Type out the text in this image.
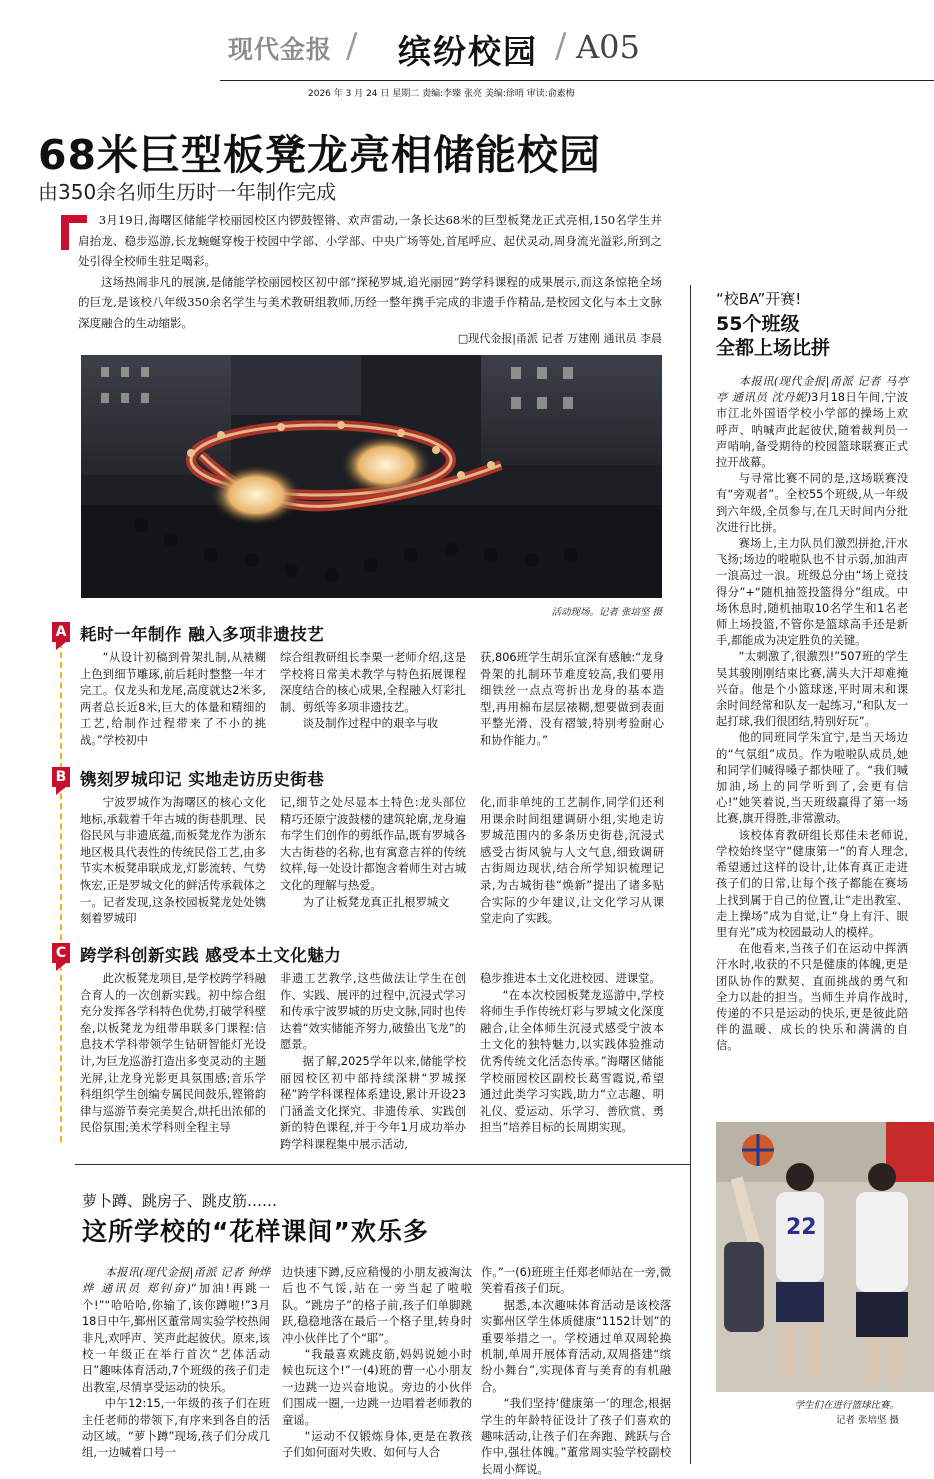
现代金报 / 缤纷校园 / A05
2026 年 3 月 24 日 星期二 责编:李臻 张亮 美编:徐哨 审读:俞素梅
68米巨型板凳龙亮相储能校园
由350余名师生历时一年制作完成

3月19日,海曙区储能学校丽园校区内锣鼓铿锵、欢声雷动,一条长达68米的巨型板凳龙正式亮相,150名学生并肩抬龙、稳步巡游,长龙蜿蜒穿梭于校园中学部、小学部、中央广场等处,首尾呼应、起伏灵动,周身流光溢彩,所到之处引得全校师生驻足喝彩。

这场热闹非凡的展演,是储能学校丽园校区初中部“探秘罗城,追光丽园”跨学科课程的成果展示,而这条惊艳全场的巨龙,是该校八年级350余名学生与美术教研组教师,历经一整年携手完成的非遗手作精品,是校园文化与本土文脉深度融合的生动缩影。

□现代金报|甬派 记者 万建刚 通讯员 李晨
活动现场。记者 张培坚 摄
A 耗时一年制作 融入多项非遗技艺

“从设计初稿到骨架扎制,从裱糊上色到细节雕琢,前后耗时整整一年才完工。仅龙头和龙尾,高度就达2米多,两者总长近8米,巨大的体量和精细的工艺,给制作过程带来了不小的挑战。”学校初中

综合组教研组长李栗一老师介绍,这是学校将日常美术教学与特色拓展课程深度结合的核心成果,全程融入灯彩扎制、剪纸等多项非遗技艺。

谈及制作过程中的艰辛与收

获,806班学生胡乐宜深有感触:“龙身骨架的扎制环节难度较高,我们要用细铁丝一点点弯折出龙身的基本造型,再用棉布层层裱糊,想要做到表面平整光滑、没有褶皱,特别考验耐心和协作能力。”

B 镌刻罗城印记 实地走访历史街巷

宁波罗城作为海曙区的核心文化地标,承载着千年古城的街巷肌理、民俗民风与非遗底蕴,而板凳龙作为浙东地区极具代表性的传统民俗工艺,由多节实木板凳串联成龙,灯影流转、气势恢宏,正是罗城文化的鲜活传承载体之一。记者发现,这条校园板凳龙处处镌刻着罗城印

记,细节之处尽显本土特色:龙头部位精巧还原宁波鼓楼的建筑轮廓,龙身遍布学生们创作的剪纸作品,既有罗城各大古街巷的名称,也有寓意吉祥的传统纹样,每一处设计都饱含着师生对古城文化的理解与热爱。

为了让板凳龙真正扎根罗城文

化,而非单纯的工艺制作,同学们还利用课余时间组建调研小组,实地走访罗城范围内的多条历史街巷,沉浸式感受古街风貌与人文气息,细致调研古街周边现状,结合所学知识梳理记录,为古城街巷“焕新”提出了诸多贴合实际的少年建议,让文化学习从课堂走向了实践。

C 跨学科创新实践 感受本土文化魅力

此次板凳龙项目,是学校跨学科融合育人的一次创新实践。初中综合组充分发挥各学科特色优势,打破学科壁垒,以板凳龙为纽带串联多门课程:信息技术学科带领学生钻研智能灯光设计,为巨龙巡游打造出多变灵动的主题光屏,让龙身光影更具氛围感;音乐学科组织学生创编专属民间鼓乐,铿锵韵律与巡游节奏完美契合,烘托出浓郁的民俗氛围;美术学科则全程主导

非遗工艺教学,这些做法让学生在创作、实践、展评的过程中,沉浸式学习和传承宁波罗城的历史文脉,同时也传达着“效实储能齐努力,破蛰出飞龙”的愿景。

据了解,2025学年以来,储能学校丽园校区初中部持续深耕“罗城探秘”跨学科课程体系建设,累计开设23门涵盖文化探究、非遗传承、实践创新的特色课程,并于今年1月成功举办跨学科课程集中展示活动,

稳步推进本土文化进校园、进课堂。

“在本次校园板凳龙巡游中,学校将师生手作传统灯彩与罗城文化深度融合,让全体师生沉浸式感受宁波本土文化的独特魅力,以实践体验推动优秀传统文化活态传承。”海曙区储能学校丽园校区副校长葛雪霞说,希望通过此类学习实践,助力“立志趣、明礼仪、爱运动、乐学习、善欣赏、勇担当”培养目标的长周期实现。

“校BA”开赛!
55个班级
全都上场比拼

本报讯(现代金报|甬派 记者 马亭亭 通讯员 沈丹妮)3月18日午间,宁波市江北外国语学校小学部的操场上欢呼声、呐喊声此起彼伏,随着裁判员一声哨响,备受期待的校园篮球联赛正式拉开战幕。

与寻常比赛不同的是,这场联赛没有“旁观者”。全校55个班级,从一年级到六年级,全员参与,在几天时间内分批次进行比拼。

赛场上,主力队员们激烈拼抢,汗水飞扬;场边的啦啦队也不甘示弱,加油声一浪高过一浪。班级总分由“场上竞技得分”+“随机抽签投篮得分”组成。中场休息时,随机抽取10名学生和1名老师上场投篮,不管你是篮球高手还是新手,都能成为决定胜负的关键。

“太刺激了,很激烈!”507班的学生吴其骏刚刚结束比赛,满头大汗却难掩兴奋。他是个小篮球迷,平时周末和课余时间经常和队友一起练习,“和队友一起打球,我们很团结,特别好玩”。

他的同班同学朱宜宁,是当天场边的“气氛组”成员。作为啦啦队成员,她和同学们喊得嗓子都快哑了。“我们喊加油,场上的同学听到了,会更有信心!”她笑着说,当天班级赢得了第一场比赛,旗开得胜,非常激动。

该校体育教研组长郑佳未老师说,学校始终坚守“健康第一”的育人理念,希望通过这样的设计,让体育真正走进孩子们的日常,让每个孩子都能在赛场上找到属于自己的位置,让“走出教室、走上操场”成为自觉,让“身上有汗、眼里有光”成为校园最动人的模样。

在他看来,当孩子们在运动中挥洒汗水时,收获的不只是健康的体魄,更是团队协作的默契、直面挑战的勇气和全力以赴的担当。当师生并肩作战时,传递的不只是运动的快乐,更是彼此陪伴的温暖、成长的快乐和满满的自信。

22
学生们在进行篮球比赛。
记者 张培坚 摄
萝卜蹲、跳房子、跳皮筋……
这所学校的“花样课间”欢乐多

本报讯(现代金报|甬派 记者 钟烨烨 通讯员 郑钊奋)“加油!再跳一个!”“哈哈哈,你输了,该你蹲啦!”3月18日中午,鄞州区董常周实验学校热闹非凡,欢呼声、笑声此起彼伏。原来,该校一年级正在举行首次“艺体活动日”趣味体育活动,7个班级的孩子们走出教室,尽情享受运动的快乐。

中午12:15,一年级的孩子们在班主任老师的带领下,有序来到各自的活动区域。“萝卜蹲”现场,孩子们分成几组,一边喊着口号一

边快速下蹲,反应稍慢的小朋友被淘汰后也不气馁,站在一旁当起了啦啦队。“跳房子”的格子前,孩子们单脚跳跃,稳稳地落在最后一个格子里,转身时冲小伙伴比了个“耶”。

“我最喜欢跳皮筋,妈妈说她小时候也玩这个!”一(4)班的曹一心小朋友一边跳一边兴奋地说。旁边的小伙伴们围成一圈,一边跳一边唱着老师教的童谣。

“运动不仅锻炼身体,更是在教孩子们如何面对失败、如何与人合

作。”一(6)班班主任郑老师站在一旁,微笑着看孩子们玩。

据悉,本次趣味体育活动是该校落实鄞州区学生体质健康“1152计划”的重要举措之一。学校通过单双周轮换机制,单周开展体育活动,双周搭建“缤纷小舞台”,实现体育与美育的有机融合。

“我们坚持‘健康第一’的理念,根据学生的年龄特征设计了孩子们喜欢的趣味活动,让孩子们在奔跑、跳跃与合作中,强壮体魄。”董常周实验学校副校长周小辉说。
